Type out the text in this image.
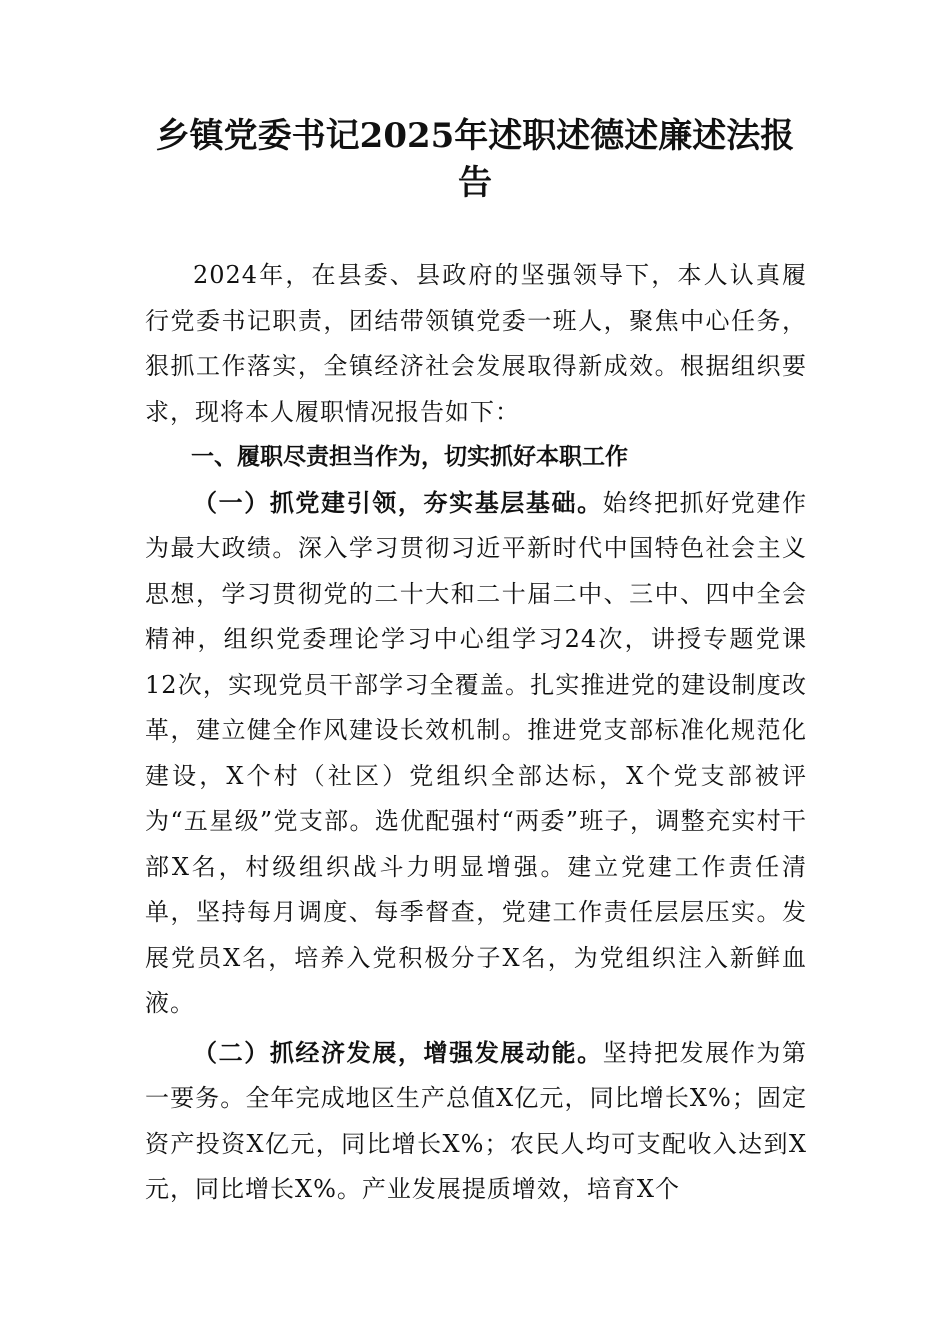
乡镇党委书记2025年述职述德述廉述法报告

2024年，在县委、县政府的坚强领导下，本人认真履行党委书记职责，团结带领镇党委一班人，聚焦中心任务，狠抓工作落实，全镇经济社会发展取得新成效。根据组织要求，现将本人履职情况报告如下：

一、履职尽责担当作为，切实抓好本职工作

（一）抓党建引领，夯实基层基础。始终把抓好党建作为最大政绩。深入学习贯彻习近平新时代中国特色社会主义思想，学习贯彻党的二十大和二十届二中、三中、四中全会精神，组织党委理论学习中心组学习24次，讲授专题党课12次，实现党员干部学习全覆盖。扎实推进党的建设制度改革，建立健全作风建设长效机制。推进党支部标准化规范化建设，X个村（社区）党组织全部达标，X个党支部被评为“五星级”党支部。选优配强村“两委”班子，调整充实村干部X名，村级组织战斗力明显增强。建立党建工作责任清单，坚持每月调度、每季督查，党建工作责任层层压实。发展党员X名，培养入党积极分子X名，为党组织注入新鲜血液。

（二）抓经济发展，增强发展动能。坚持把发展作为第一要务。全年完成地区生产总值X亿元，同比增长X%；固定资产投资X亿元，同比增长X%；农民人均可支配收入达到X元，同比增长X%。产业发展提质增效，培育X个
